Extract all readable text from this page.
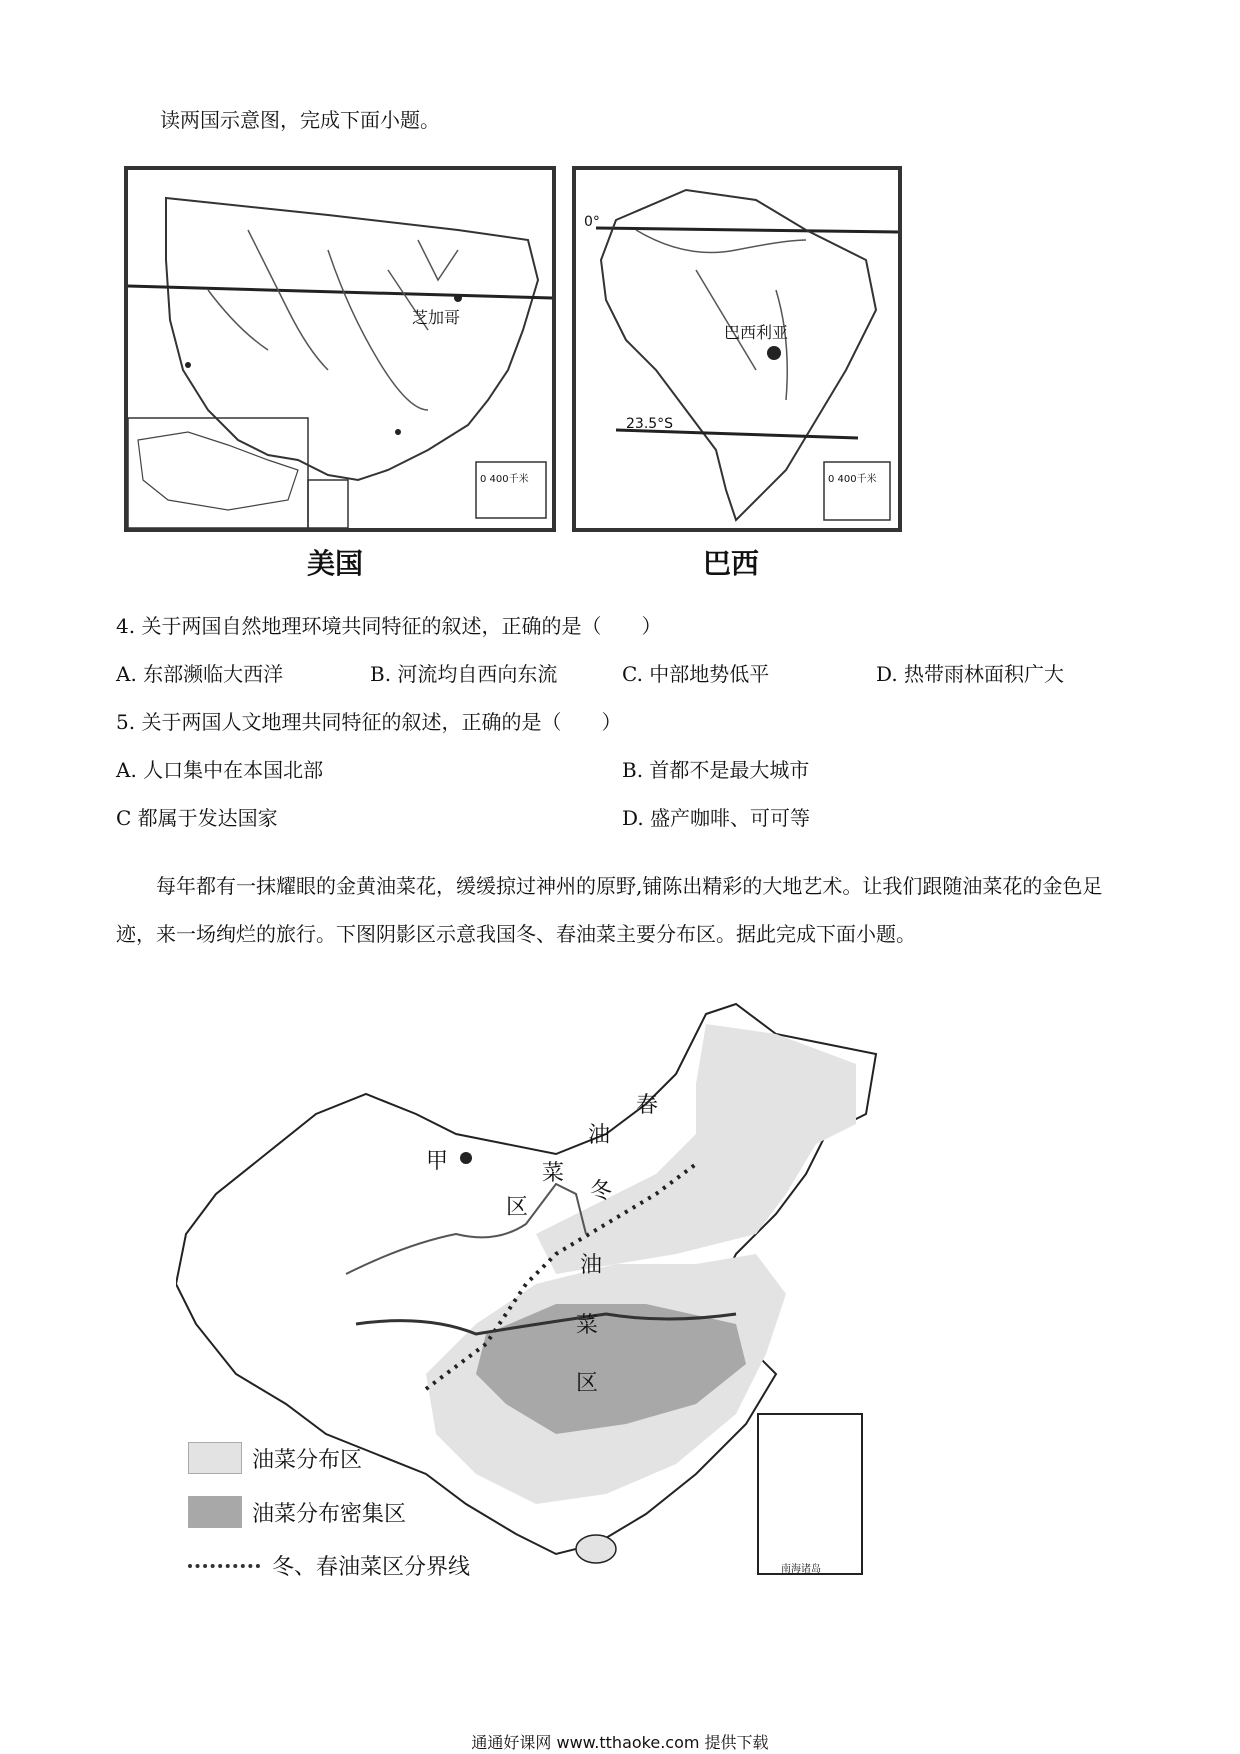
读两国示意图，完成下面小题。
芝加哥
0 400千米
美国
0°
巴西利亚
23.5°S
0 400千米
巴西
4. 关于两国自然地理环境共同特征的叙述，正确的是（　　）
A. 东部濒临大西洋	B. 河流均自西向东流	C. 中部地势低平	D. 热带雨林面积广大
5. 关于两国人文地理共同特征的叙述，正确的是（　　）
A. 人口集中在本国北部	B. 首都不是最大城市
C 都属于发达国家	D. 盛产咖啡、可可等
每年都有一抹耀眼的金黄油菜花，缓缓掠过神州的原野,铺陈出精彩的大地艺术。让我们跟随油菜花的金色足迹，来一场绚烂的旅行。下图阴影区示意我国冬、春油菜主要分布区。据此完成下面小题。
春
油
菜
区
冬
油
菜
区
甲
南海诸岛
油菜分布区
油菜分布密集区
冬、春油菜区分界线
通通好课网 www.tthaoke.com 提供下载
